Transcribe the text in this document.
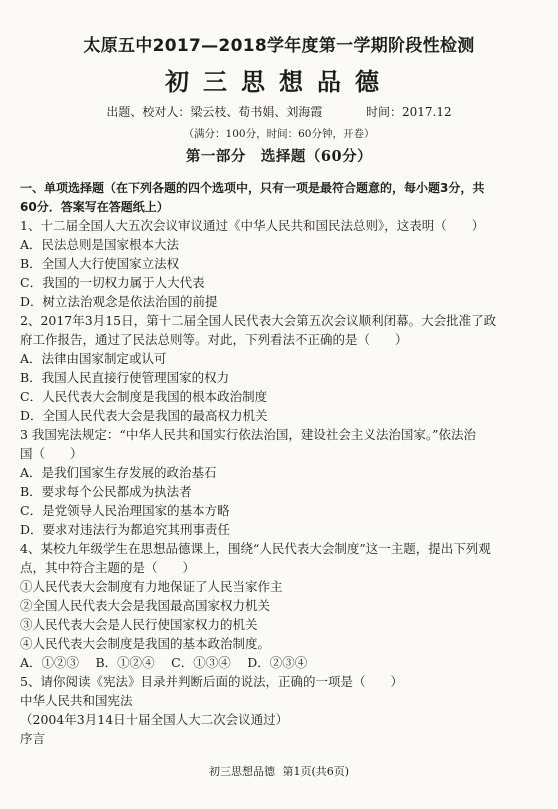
太原五中2017—2018学年度第一学期阶段性检测
初三思想品德
出题、校对人：梁云枝、荀书娟、刘海霞	时间：2017.12
（满分：100分，时间：60分钟，开卷）
第一部分　选择题（60分）
一、单项选择题（在下列各题的四个选项中，只有一项是最符合题意的，每小题3分，共
60分．答案写在答题纸上）
1、十二届全国人大五次会议审议通过《中华人民共和国民法总则》，这表明（　　）
A．民法总则是国家根本大法
B．全国人大行使国家立法权
C．我国的一切权力属于人大代表
D．树立法治观念是依法治国的前提
2、2017年3月15日，第十二届全国人民代表大会第五次会议顺利闭幕。大会批准了政
府工作报告，通过了民法总则等。对此，下列看法不正确的是（　　）
A．法律由国家制定或认可
B．我国人民直接行使管理国家的权力
C．人民代表大会制度是我国的根本政治制度
D．全国人民代表大会是我国的最高权力机关
3 我国宪法规定：“中华人民共和国实行依法治国，建设社会主义法治国家。”依法治
国（　　）
A．是我们国家生存发展的政治基石
B．要求每个公民都成为执法者
C．是党领导人民治理国家的基本方略
D．要求对违法行为都追究其刑事责任
4、某校九年级学生在思想品德课上，围绕“人民代表大会制度”这一主题，提出下列观
点，其中符合主题的是（　　）
①人民代表大会制度有力地保证了人民当家作主
②全国人民代表大会是我国最高国家权力机关
③人民代表大会是人民行使国家权力的机关
④人民代表大会制度是我国的基本政治制度。
A．①②③　 B．①②④　 C．①③④　 D．②③④
5、请你阅读《宪法》目录并判断后面的说法，正确的一项是（　　）
中华人民共和国宪法
（2004年3月14日十届全国人大二次会议通过）
序言
初三思想品德 第1页(共6页)
